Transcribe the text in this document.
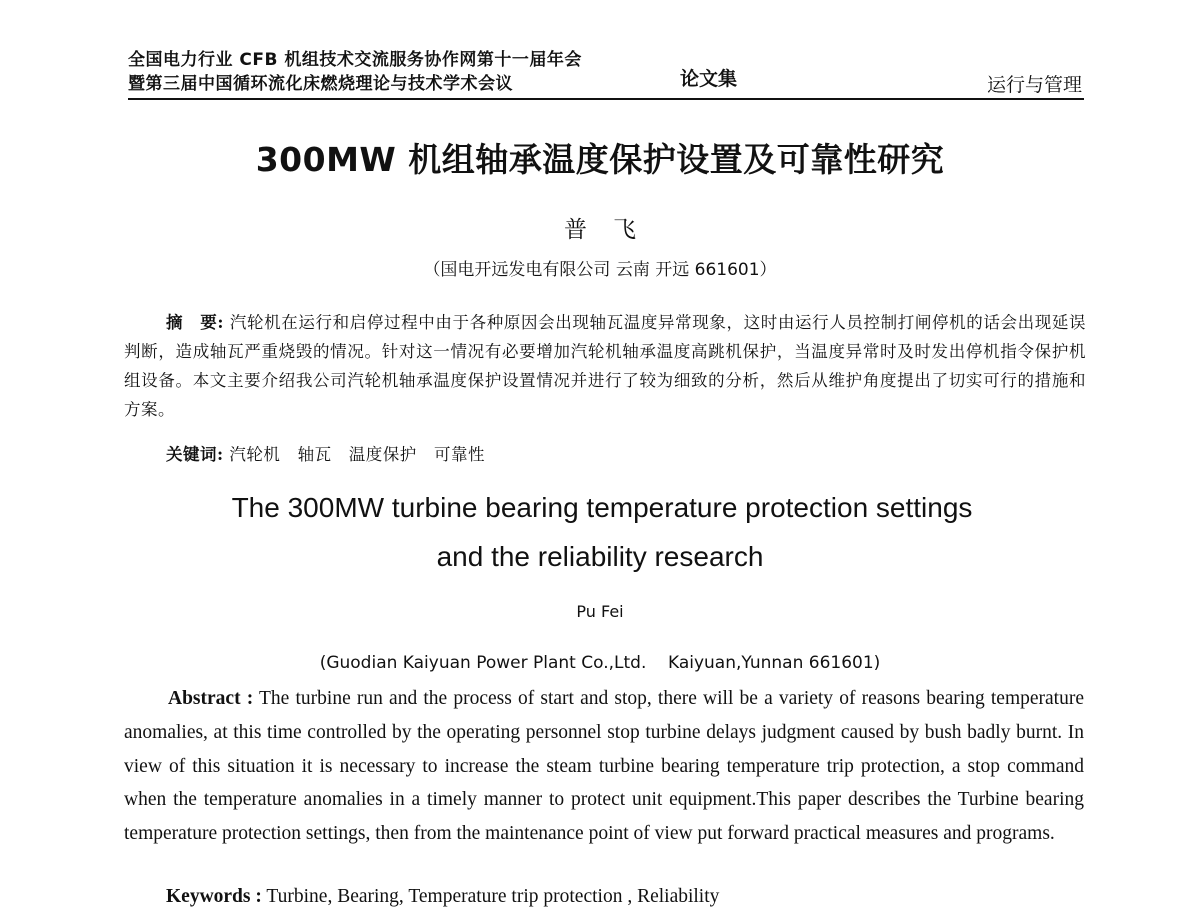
全国电力行业 CFB 机组技术交流服务协作网第十一届年会
暨第三届中国循环流化床燃烧理论与技术学术会议	论文集	运行与管理
300MW 机组轴承温度保护设置及可靠性研究
普飞
（国电开远发电有限公司 云南 开远 661601）
摘　要: 汽轮机在运行和启停过程中由于各种原因会出现轴瓦温度异常现象，这时由运行人员控制打闸停机的话会出现延误判断，造成轴瓦严重烧毁的情况。针对这一情况有必要增加汽轮机轴承温度高跳机保护，当温度异常时及时发出停机指令保护机组设备。本文主要介绍我公司汽轮机轴承温度保护设置情况并进行了较为细致的分析，然后从维护角度提出了切实可行的措施和方案。
关键词: 汽轮机   轴瓦   温度保护   可靠性
The 300MW turbine bearing temperature protection settings
and the reliability research
Pu Fei
(Guodian Kaiyuan Power Plant Co.,Ltd.    Kaiyuan,Yunnan 661601)
Abstract : The turbine run and the process of start and stop, there will be a variety of reasons bearing temperature anomalies, at this time controlled by the operating personnel stop turbine delays judgment caused by bush badly burnt. In view of this situation it is necessary to increase the steam turbine bearing temperature trip protection, a stop command when the temperature anomalies in a timely manner to protect unit equipment.This paper describes the Turbine bearing temperature protection settings, then from the maintenance point of view put forward practical measures and programs.
Keywords : Turbine, Bearing, Temperature trip protection , Reliability
